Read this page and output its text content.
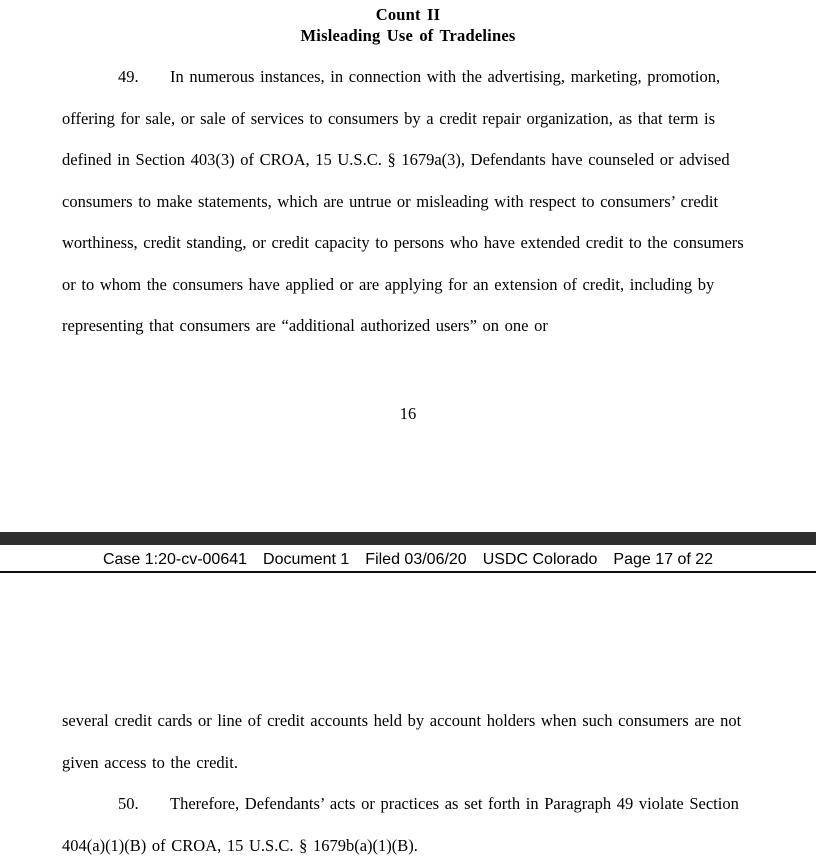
Count II
Misleading Use of Tradelines

49. In numerous instances, in connection with the advertising, marketing, promotion, offering for sale, or sale of services to consumers by a credit repair organization, as that term is defined in Section 403(3) of CROA, 15 U.S.C. § 1679a(3), Defendants have counseled or advised consumers to make statements, which are untrue or misleading with respect to consumers’ credit worthiness, credit standing, or credit capacity to persons who have extended credit to the consumers or to whom the consumers have applied or are applying for an extension of credit, including by representing that consumers are “additional authorized users” on one or

16
Case 1:20-cv-00641 Document 1 Filed 03/06/20 USDC Colorado Page 17 of 22

several credit cards or line of credit accounts held by account holders when such consumers are not given access to the credit.

50. Therefore, Defendants’ acts or practices as set forth in Paragraph 49 violate Section 404(a)(1)(B) of CROA, 15 U.S.C. § 1679b(a)(1)(B).
